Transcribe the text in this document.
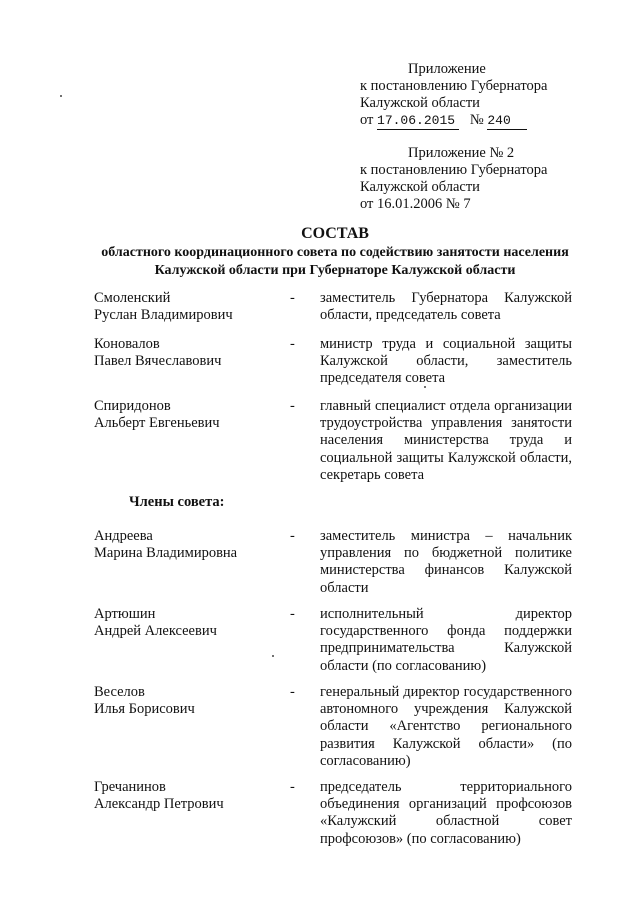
Приложение
к постановлению Губернатора
Калужской области
от 17.06.2015 № 240
Приложение № 2
к постановлению Губернатора
Калужской области
от 16.01.2006 № 7
СОСТАВ
областного координационного совета по содействию занятости населения
Калужской области при Губернаторе Калужской области
Смоленский
Руслан Владимирович
- заместитель Губернатора Калужской области, председатель совета
Коновалов
Павел Вячеславович
- министр труда и социальной защиты Калужской области, заместитель председателя совета
Спиридонов
Альберт Евгеньевич
- главный специалист отдела организации трудоустройства управления занятости населения министерства труда и социальной защиты Калужской области, секретарь совета
Члены совета:
Андреева
Марина Владимировна
- заместитель министра – начальник управления по бюджетной политике министерства финансов Калужской области
Артюшин
Андрей Алексеевич
- исполнительный директор государственного фонда поддержки предпринимательства Калужской области (по согласованию)
Веселов
Илья Борисович
- генеральный директор государственного автономного учреждения Калужской области «Агентство регионального развития Калужской области» (по согласованию)
Гречанинов
Александр Петрович
- председатель территориального объединения организаций профсоюзов «Калужский областной совет профсоюзов» (по согласованию)
